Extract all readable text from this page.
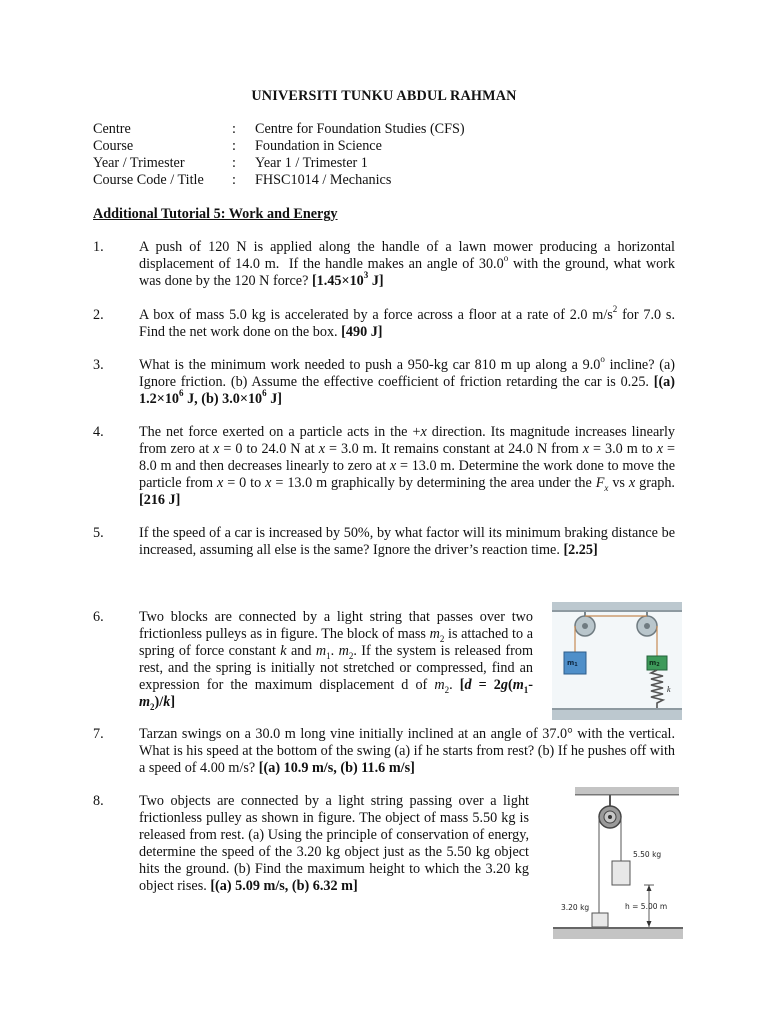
UNIVERSITI TUNKU ABDUL RAHMAN
Centre	: Centre for Foundation Studies (CFS)
Course	: Foundation in Science
Year / Trimester	: Year 1 / Trimester 1
Course Code / Title : FHSC1014 / Mechanics
Additional Tutorial 5: Work and Energy
1. A push of 120 N is applied along the handle of a lawn mower producing a horizontal displacement of 14.0 m.  If the handle makes an angle of 30.0$^o$ with the ground, what work was done by the 120 N force? [$1.45\times 10^3$ J]
2. A box of mass 5.0 kg is accelerated by a force across a floor at a rate of 2.0 $m/s^2$ for 7.0 s. Find the net work done on the box. [490 J]
3. What is the minimum work needed to push a 950-kg car 810 m up along a 9.0$^o$ incline? (a) Ignore friction. (b) Assume the effective coefficient of friction retarding the car is 0.25. [(a) $1.2\times 10^6$ J, (b) $3.0\times 10^6$ J]
4. The net force exerted on a particle acts in the +x direction. Its magnitude increases linearly from zero at x = 0 to 24.0 N at x = 3.0 m. It remains constant at 24.0 N from x = 3.0 m to x = 8.0 m and then decreases linearly to zero at x = 13.0 m. Determine the work done to move the particle from x = 0 to x = 13.0 m graphically by determining the area under the $F_x$ vs x graph. [216 J]
5. If the speed of a car is increased by 50%, by what factor will its minimum braking distance be increased, assuming all else is the same? Ignore the driver’s reaction time. [2.25]
6. Two blocks are connected by a light string that passes over two frictionless pulleys as in figure. The block of mass $m_2$ is attached to a spring of force constant k and $m_1$. $m_2$. If the system is released from rest, and the spring is initially not stretched or compressed, find an expression for the maximum displacement d of $m_2$. [$d = 2g(m_1-$ $m_2)/k$]
m1	m2
k
7. Tarzan swings on a 30.0 m long vine initially inclined at an angle of 37.0° with the vertical. What is his speed at the bottom of the swing (a) if he starts from rest? (b) If he pushes off with a speed of 4.00 m/s? [(a) 10.9 m/s, (b) 11.6 m/s]
8. Two objects are connected by a light string passing over a light frictionless pulley as shown in figure. The object of mass 5.50 kg is released from rest. (a) Using the principle of conservation of energy, determine the speed of the 3.20 kg object just as the 5.50 kg object hits the ground. (b) Find the maximum height to which the 3.20 kg object rises. [(a) 5.09 m/s, (b) 6.32 m]
5.50 kg
3.20 kg	h = 5.00 m
